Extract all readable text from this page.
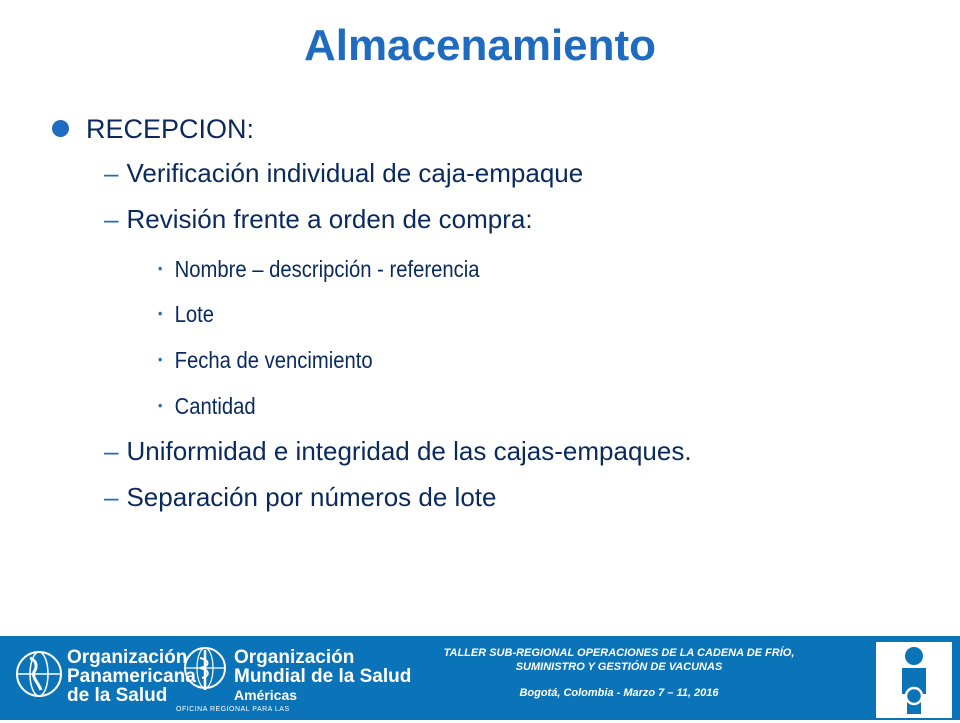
Almacenamiento
RECEPCION:
– Verificación individual de caja-empaque
– Revisión frente a orden de compra:
• Nombre – descripción - referencia
• Lote
• Fecha de vencimiento
• Cantidad
– Uniformidad e integridad de las cajas-empaques.
– Separación por números de lote
Organización
Panamericana
de la Salud
Organización
Mundial de la Salud
Américas
OFICINA REGIONAL PARA LAS
TALLER SUB-REGIONAL OPERACIONES DE LA CADENA DE FRÍO,
SUMINISTRO Y GESTIÓN DE VACUNAS
Bogotá, Colombia - Marzo 7 – 11, 2016
